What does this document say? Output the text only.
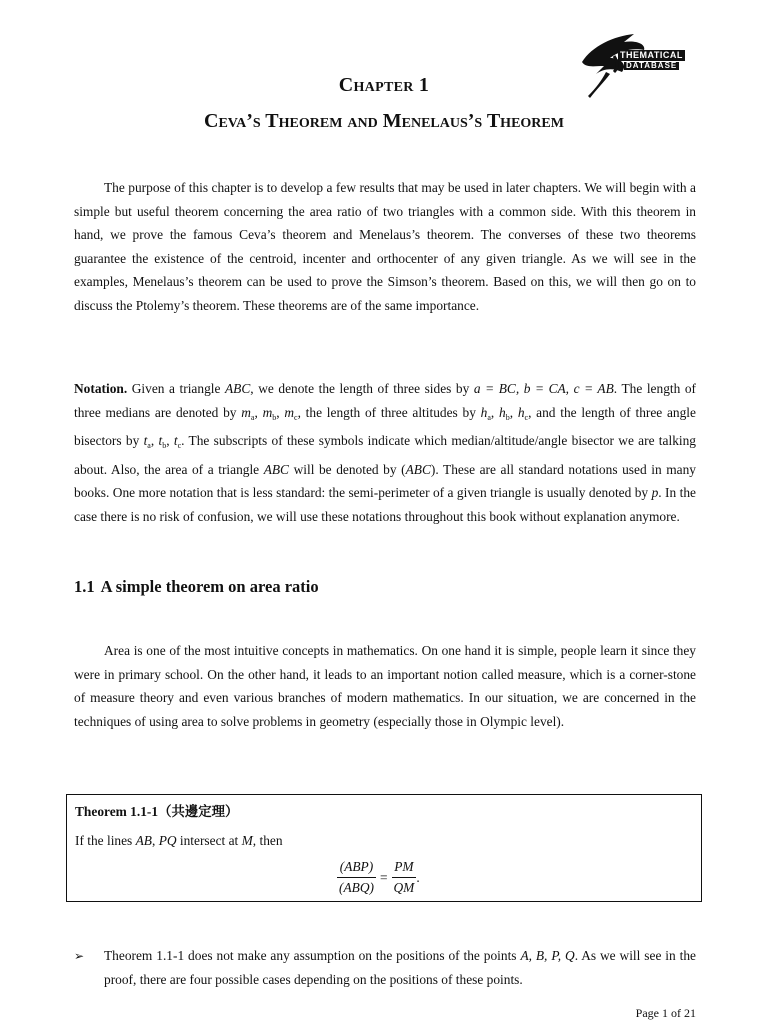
THEMATICAL
DATABASE
Chapter 1
Ceva’s Theorem and Menelaus’s Theorem

The purpose of this chapter is to develop a few results that may be used in later chapters. We will begin with a simple but useful theorem concerning the area ratio of two triangles with a common side. With this theorem in hand, we prove the famous Ceva’s theorem and Menelaus’s theorem. The converses of these two theorems guarantee the existence of the centroid, incenter and orthocenter of any given triangle. As we will see in the examples, Menelaus’s theorem can be used to prove the Simson’s theorem. Based on this, we will then go on to discuss the Ptolemy’s theorem. These theorems are of the same importance.

Notation. Given a triangle ABC, we denote the length of three sides by a = BC, b = CA, c = AB. The length of three medians are denoted by $m_a$, $m_b$, $m_c$, the length of three altitudes by $h_a$, $h_b$, $h_c$, and the length of three angle bisectors by $t_a$, $t_b$, $t_c$. The subscripts of these symbols indicate which median/altitude/angle bisector we are talking about. Also, the area of a triangle ABC will be denoted by (ABC). These are all standard notations used in many books. One more notation that is less standard: the semi-perimeter of a given triangle is usually denoted by p. In the case there is no risk of confusion, we will use these notations throughout this book without explanation anymore.

1.1 A simple theorem on area ratio

Area is one of the most intuitive concepts in mathematics. On one hand it is simple, people learn it since they were in primary school. On the other hand, it leads to an important notion called measure, which is a corner-stone of measure theory and even various branches of modern mathematics. In our situation, we are concerned in the techniques of using area to solve problems in geometry (especially those in Olympic level).

Theorem 1.1-1（共邊定理）
If the lines AB, PQ intersect at M, then
$\frac{\text{(ABP)}}{\text{(ABQ)}} = \frac{PM}{QM}$ .
➢ Theorem 1.1-1 does not make any assumption on the positions of the points A, B, P, Q. As we will see in the proof, there are four possible cases depending on the positions of these points.
Page 1 of 21
